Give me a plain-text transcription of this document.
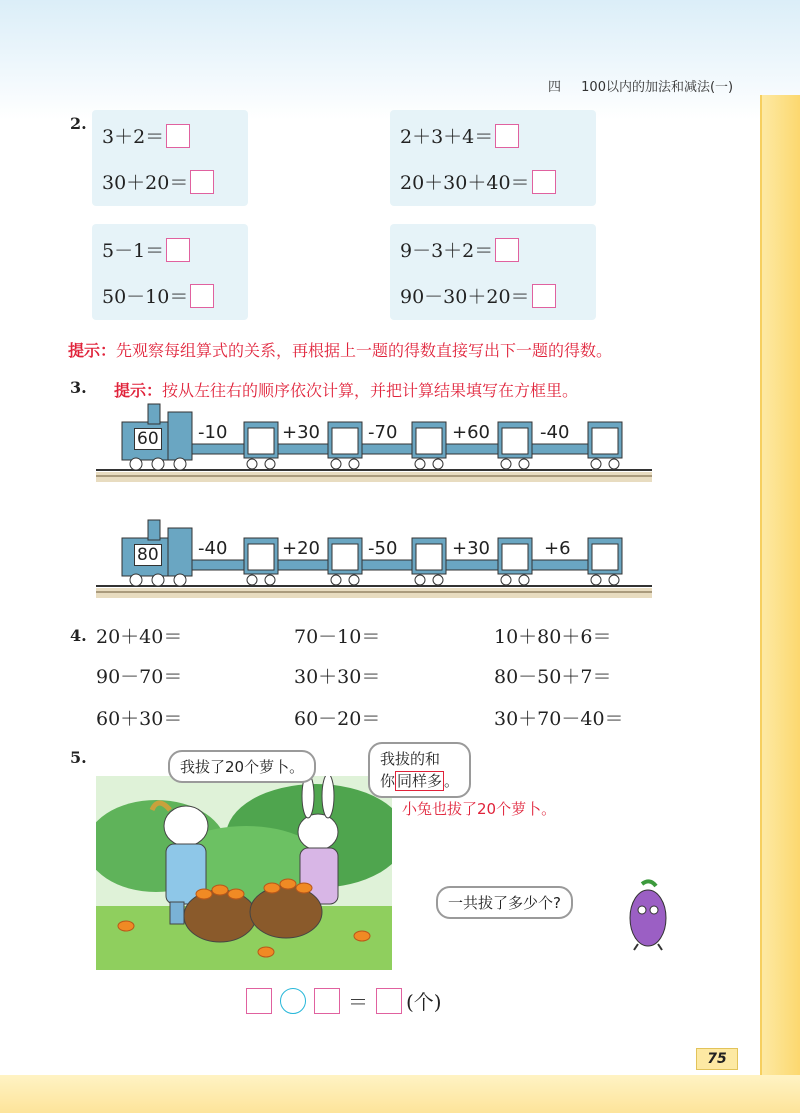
四 100以内的加法和减法(一)
2.
3＋2＝
30＋20＝
2＋3＋4＝
20＋30＋40＝
5－1＝
50－10＝
9－3＋2＝
90－30＋20＝
提示：先观察每组算式的关系，再根据上一题的得数直接写出下一题的得数。
3. 提示：按从左往右的顺序依次计算，并把计算结果填写在方框里。
60 -10	+30	-70	+60	-40
80 -40	+20	-50	+30	+6
4. 20＋40＝	70－10＝	10＋80＋6＝
90－70＝	30＋30＝	80－50＋7＝
60＋30＝	60－20＝	30＋70－40＝
5.	我拔了20个萝卜。	我拔的和
你 同样多 。
小兔也拔了20个萝卜。
一共拔了多少个?
＝ (个)
75
